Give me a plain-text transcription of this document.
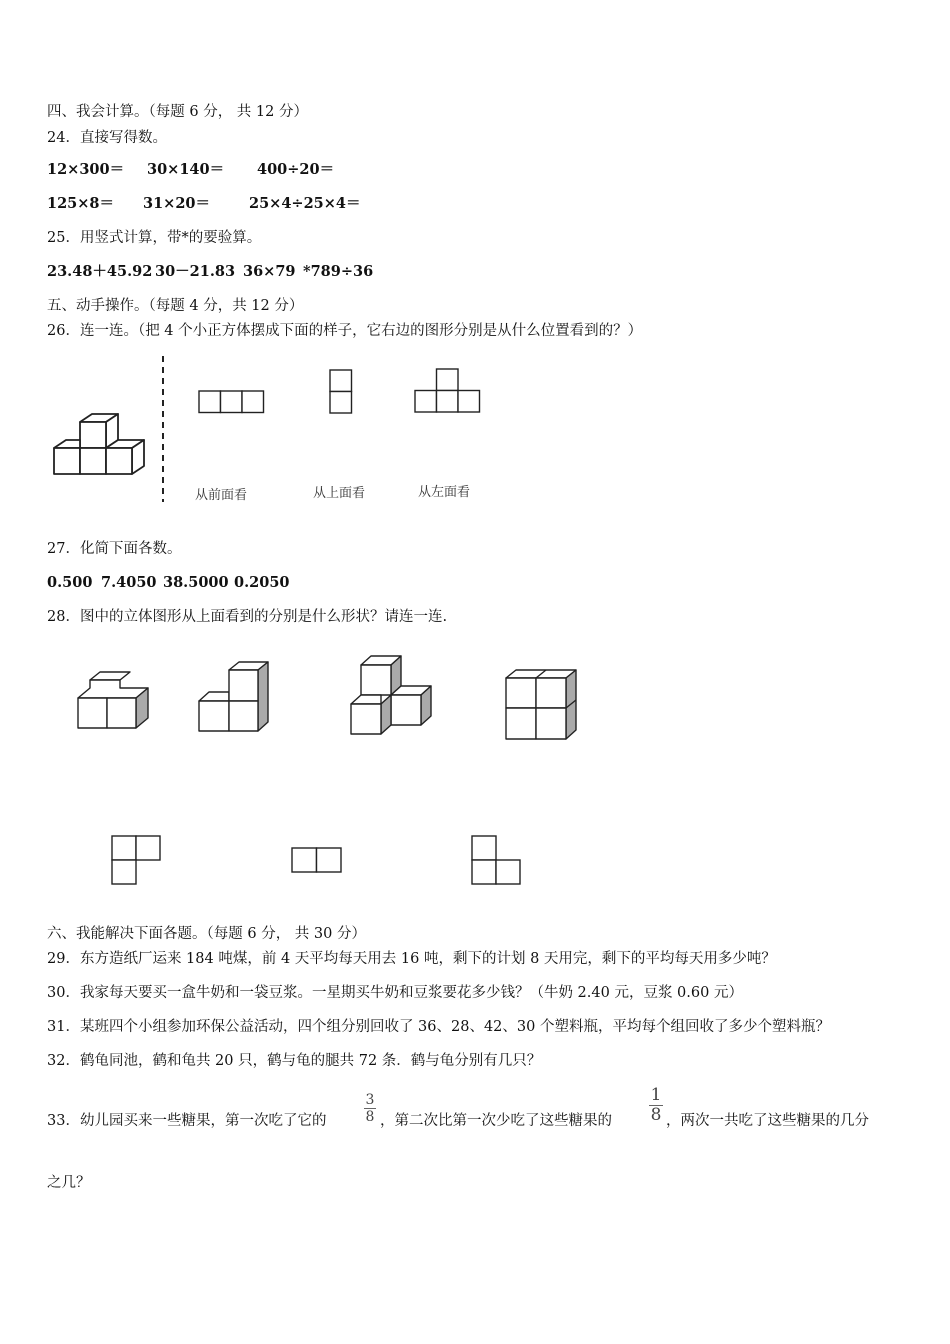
四、我会计算。（每题 6 分， 共 12 分）
24．直接写得数。
12×300＝ 30×140＝ 400÷20＝
125×8＝ 31×20＝	25×4÷25×4＝
25．用竖式计算，带*的要验算。
23.48＋45.92 30－21.83 36×79 *789÷36
五、动手操作。（每题 4 分，共 12 分）
26．连一连。（把 4 个小正方体摆成下面的样子，它右边的图形分别是从什么位置看到的？）
从前面看	从上面看	从左面看
27．化简下面各数。
0.500 7.4050 38.5000 0.2050
28．图中的立体图形从上面看到的分别是什么形状？请连一连.
六、我能解决下面各题。（每题 6 分， 共 30 分）
29．东方造纸厂运来 184 吨煤，前 4 天平均每天用去 16 吨，剩下的计划 8 天用完，剩下的平均每天用多少吨？
30．我家每天要买一盒牛奶和一袋豆浆。一星期买牛奶和豆浆要花多少钱？（牛奶 2.40 元，豆浆 0.60 元）
31．某班四个小组参加环保公益活动，四个组分别回收了 36、28、42、30 个塑料瓶，平均每个组回收了多少个塑料瓶？
32．鹤龟同池，鹤和龟共 20 只，鹤与龟的腿共 72 条．鹤与龟分别有几只？
33．幼儿园买来一些糖果，第一次吃了它的
3
8 ，第二次比第一次少吃了这些糖果的
1
8 ，两次一共吃了这些糖果的几分
之几？
